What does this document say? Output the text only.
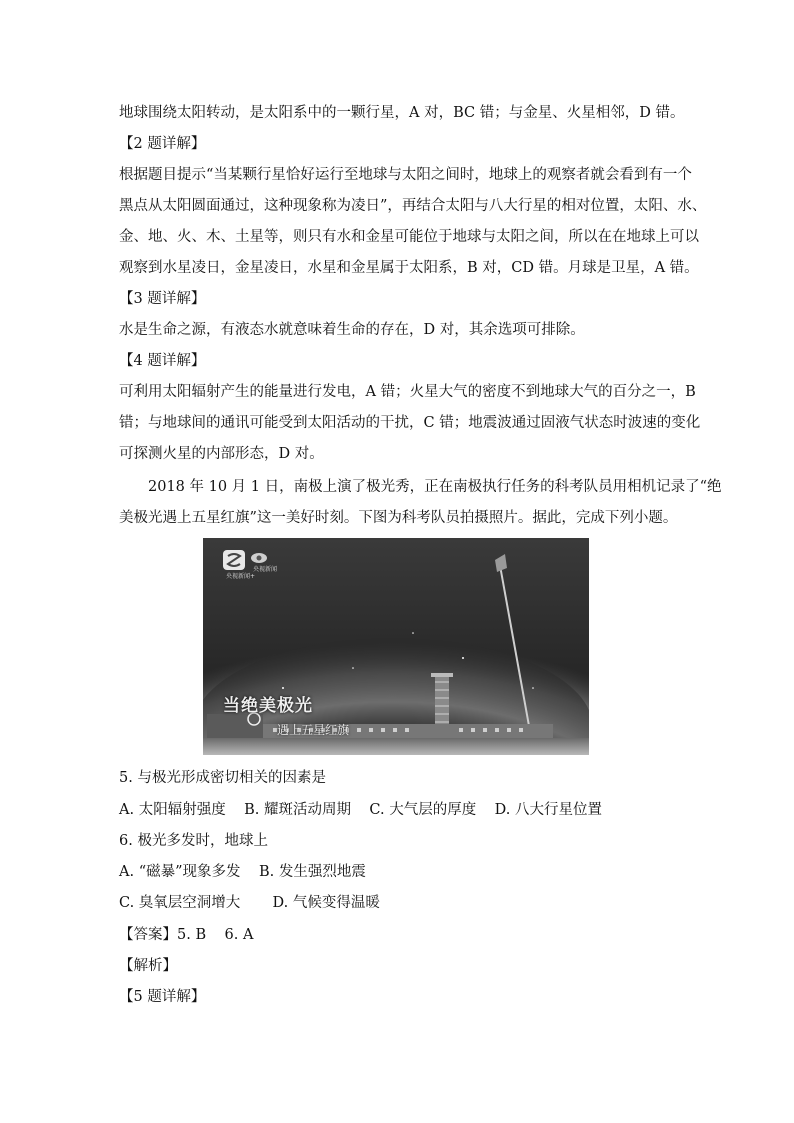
地球围绕太阳转动，是太阳系中的一颗行星，A 对，BC 错；与金星、火星相邻，D 错。
【2 题详解】
根据题目提示“当某颗行星恰好运行至地球与太阳之间时，地球上的观察者就会看到有一个
黑点从太阳圆面通过，这种现象称为凌日”，再结合太阳与八大行星的相对位置，太阳、水、
金、地、火、木、土星等，则只有水和金星可能位于地球与太阳之间，所以在在地球上可以
观察到水星凌日，金星凌日，水星和金星属于太阳系，B 对，CD 错。月球是卫星，A 错。
【3 题详解】
水是生命之源，有液态水就意味着生命的存在，D 对，其余选项可排除。
【4 题详解】
可利用太阳辐射产生的能量进行发电，A 错；火星大气的密度不到地球大气的百分之一，B
错；与地球间的通讯可能受到太阳活动的干扰，C 错；地震波通过固液气状态时波速的变化
可探测火星的内部形态，D 对。
2018 年 10 月 1 日，南极上演了极光秀，正在南极执行任务的科考队员用相机记录了“绝
美极光遇上五星红旗”这一美好时刻。下图为科考队员拍摄照片。据此，完成下列小题。
央视新闻+
央视新闻
当绝美极光
遇上五星红旗
5. 与极光形成密切相关的因素是
A. 太阳辐射强度    B. 耀斑活动周期    C. 大气层的厚度    D. 八大行星位置
6. 极光多发时，地球上
A. “磁暴”现象多发    B. 发生强烈地震
C. 臭氧层空洞增大       D. 气候变得温暖
【答案】5. B    6. A
【解析】
【5 题详解】
